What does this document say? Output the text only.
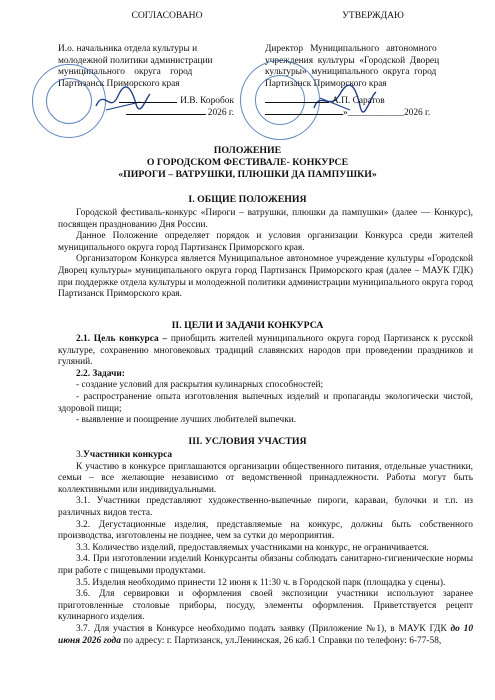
СОГЛАСОВАНО	УТВЕРЖДАЮ

И.о. начальника отдела культуры и

молодежной политики администрации

муниципального    округа    город

Партизанск Приморского края

Директор   Муниципального   автономного

учреждения  культуры  «Городской  Дворец

культуры»  муниципального  округа  город

Партизанск Приморского края

И.В. Коробок

2026 г.

А.П. Саратов

»____________2026 г.

ПОЛОЖЕНИЕ

О ГОРОДСКОМ ФЕСТИВАЛЕ- КОНКУРСЕ

«ПИРОГИ – ВАТРУШКИ, ПЛЮШКИ ДА ПАМПУШКИ»

I. ОБЩИЕ ПОЛОЖЕНИЯ

Городской фестиваль-конкурс «Пироги – ватрушки, плюшки да пампушки» (далее — Конкурс), посвящен празднованию Дня России.

Данное Положение определяет порядок и условия организации Конкурса среди жителей муниципального округа город Партизанск Приморского края.

Организатором Конкурса является Муниципальное автономное учреждение культуры «Городской Дворец культуры» муниципального округа город Партизанск Приморского края (далее – МАУК ГДК) при поддержке отдела культуры и молодежной политики администрации муниципального округа город Партизанск Приморского края.

II. ЦЕЛИ И ЗАДАЧИ КОНКУРСА

2.1. Цель конкурса – приобщить жителей муниципального округа город Партизанск к русской культуре, сохранению многовековых традиций славянских народов при проведении праздников и гуляний.

2.2. Задачи:

- создание условий для раскрытия кулинарных способностей;

- распространение опыта изготовления выпечных изделий и пропаганды экологически чистой, здоровой пищи;

- выявление и поощрение лучших любителей выпечки.

III. УСЛОВИЯ УЧАСТИЯ

3.Участники конкурса

К участию в конкурсе приглашаются организации общественного питания, отдельные участники, семьи – все желающие независимо от ведомственной принадлежности. Работы могут быть коллективными или индивидуальными.

3.1. Участники представляют художественно-выпечные пироги, караваи, булочки и т.п. из различных видов теста.

3.2. Дегустационные изделия, представляемые на конкурс, должны быть собственного производства, изготовлены не позднее, чем за сутки до мероприятия.

3.3. Количество изделий, предоставляемых участниками на конкурс, не ограничивается.

3.4. При изготовлении изделий Конкурсанты обязаны соблюдать санитарно-гигиенические нормы при работе с пищевыми продуктами.

3.5. Изделия необходимо принести 12 июня к 11:30 ч. в Городской парк (площадка у сцены).

3.6. Для сервировки и оформления своей экспозиции участники используют заранее приготовленные столовые приборы, посуду, элементы оформления. Приветствуется рецепт кулинарного изделия.

3.7. Для участия в Конкурсе необходимо подать заявку (Приложение №1), в МАУК ГДК до 10 июня 2026 года по адресу: г. Партизанск, ул.Ленинская, 26 каб.1 Справки по телефону: 6-77-58,
